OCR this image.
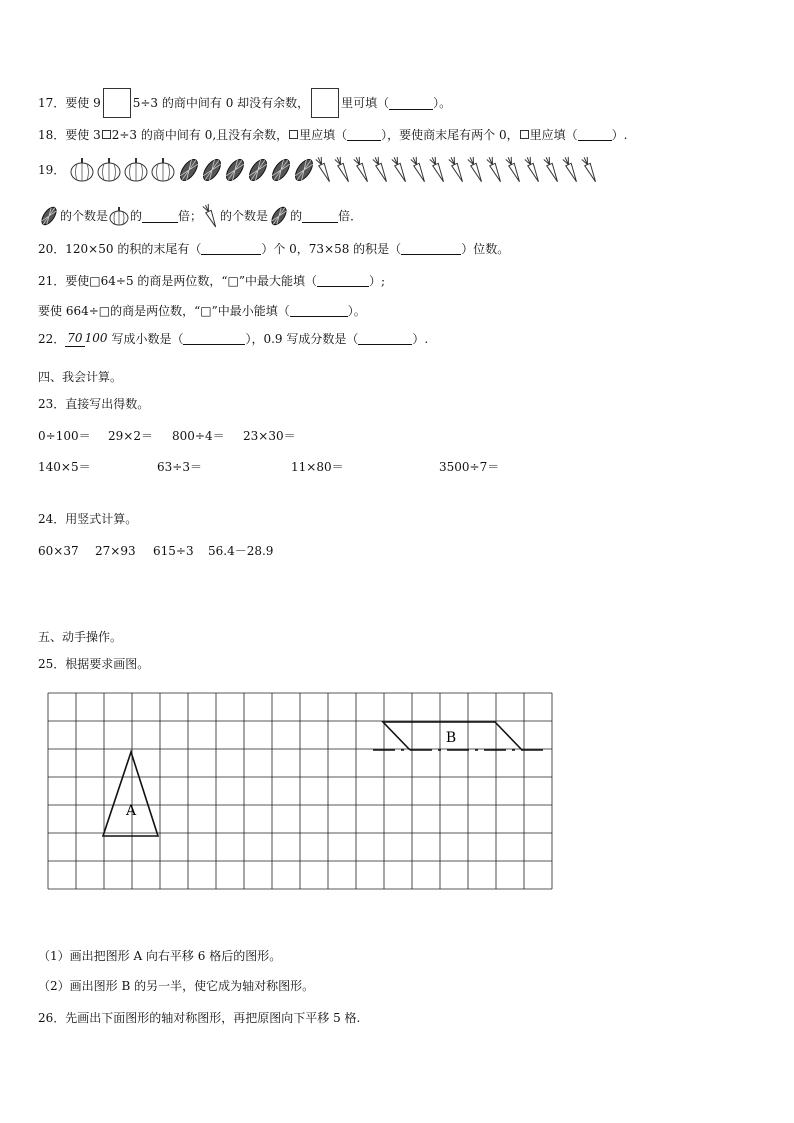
17．要使 9	5÷3 的商中间有 0 却没有余数，	里可填（	）。
18．要使 3 2÷3 的商中间有 0,且没有余数， 里应填（	），要使商末尾有两个 0， 里应填（	）.
19．
的个数是 的	倍； 的个数是 的	倍．
20．120×50 的积的末尾有（	）个 0，73×58 的积是（	）位数。
21．要使□64÷5 的商是两位数，“□”中最大能填（	）;
要使 664÷□的商是两位数，“□”中最小能填（	）。
22． 70 100 写成小数是（	），0.9 写成分数是（	）.
四、我会计算。
23．直接写出得数。
0÷100＝ 29×2＝ 800÷4＝ 23×30＝
140×5＝	63÷3＝	11×80＝	3500÷7＝
24．用竖式计算。
60×37 27×93 615÷3 56.4－28.9
五、动手操作。
25．根据要求画图。
A
B
（1）画出把图形 A 向右平移 6 格后的图形。
（2）画出图形 B 的另一半，使它成为轴对称图形。
26．先画出下面图形的轴对称图形，再把原图向下平移 5 格.
